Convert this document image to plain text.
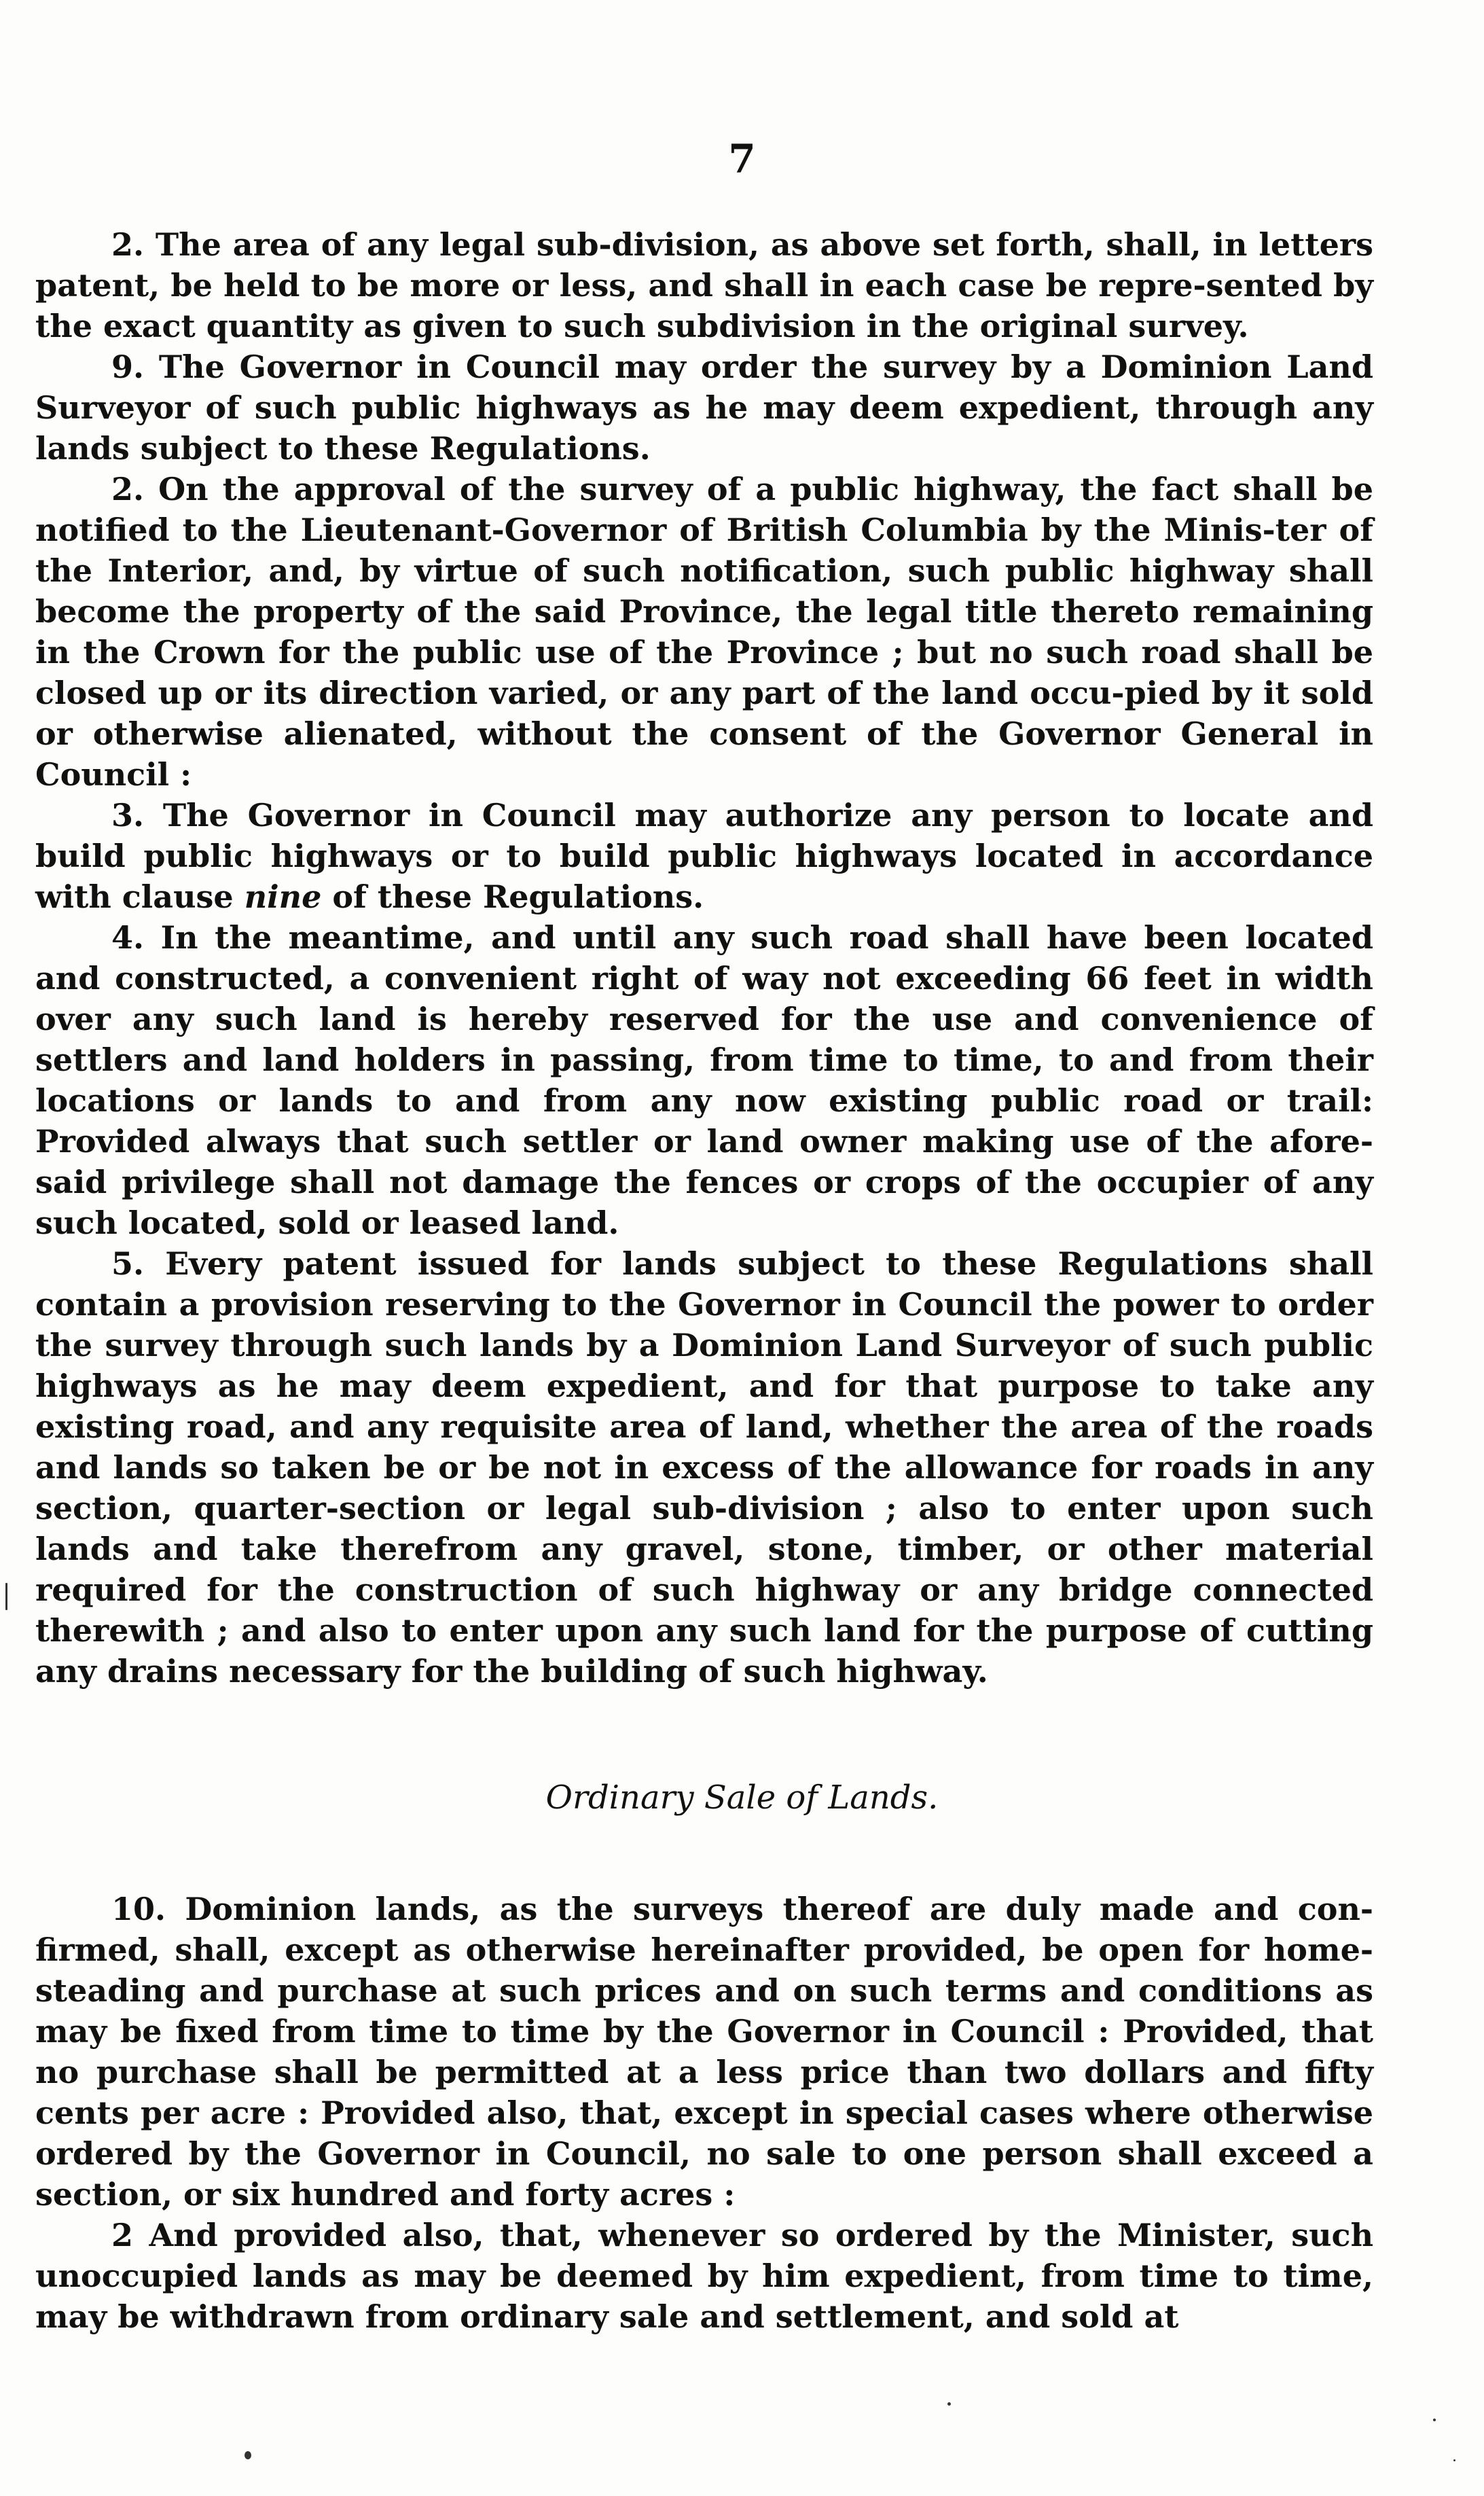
7

2. The area of any legal sub-division, as above set forth, shall, in letters patent, be held to be more or less, and shall in each case be repre-sented by the exact quantity as given to such subdivision in the original survey.

9. The Governor in Council may order the survey by a Dominion Land Surveyor of such public highways as he may deem expedient, through any lands subject to these Regulations.

2. On the approval of the survey of a public highway, the fact shall be notified to the Lieutenant-Governor of British Columbia by the Minis-ter of the Interior, and, by virtue of such notification, such public highway shall become the property of the said Province, the legal title thereto remaining in the Crown for the public use of the Province ; but no such road shall be closed up or its direction varied, or any part of the land occu-pied by it sold or otherwise alienated, without the consent of the Governor General in Council :

3. The Governor in Council may authorize any person to locate and build public highways or to build public highways located in accordance with clause nine of these Regulations.

4. In the meantime, and until any such road shall have been located and constructed, a convenient right of way not exceeding 66 feet in width over any such land is hereby reserved for the use and convenience of settlers and land holders in passing, from time to time, to and from their locations or lands to and from any now existing public road or trail: Provided always that such settler or land owner making use of the afore-said privilege shall not damage the fences or crops of the occupier of any such located, sold or leased land.

5. Every patent issued for lands subject to these Regulations shall contain a provision reserving to the Governor in Council the power to order the survey through such lands by a Dominion Land Surveyor of such public highways as he may deem expedient, and for that purpose to take any existing road, and any requisite area of land, whether the area of the roads and lands so taken be or be not in excess of the allowance for roads in any section, quarter-section or legal sub-division ; also to enter upon such lands and take therefrom any gravel, stone, timber, or other material required for the construction of such highway or any bridge connected therewith ; and also to enter upon any such land for the purpose of cutting any drains necessary for the building of such highway.

Ordinary Sale of Lands.

10. Dominion lands, as the surveys thereof are duly made and con-firmed, shall, except as otherwise hereinafter provided, be open for home-steading and purchase at such prices and on such terms and conditions as may be fixed from time to time by the Governor in Council : Provided, that no purchase shall be permitted at a less price than two dollars and fifty cents per acre : Provided also, that, except in special cases where otherwise ordered by the Governor in Council, no sale to one person shall exceed a section, or six hundred and forty acres :

2 And provided also, that, whenever so ordered by the Minister, such unoccupied lands as may be deemed by him expedient, from time to time, may be withdrawn from ordinary sale and settlement, and sold at
